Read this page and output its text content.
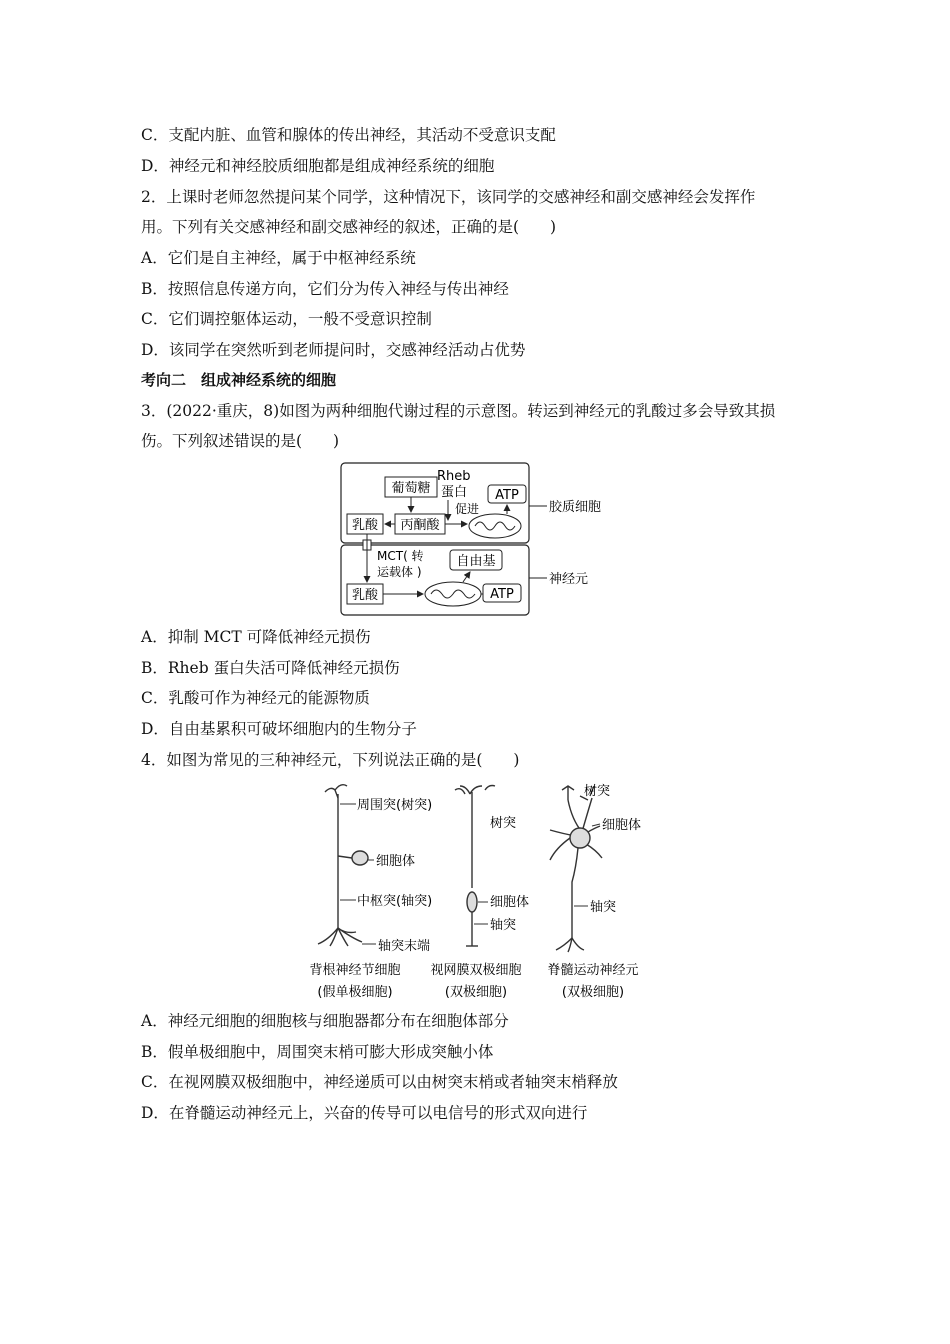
C．支配内脏、血管和腺体的传出神经，其活动不受意识支配
D．神经元和神经胶质细胞都是组成神经系统的细胞
2．上课时老师忽然提问某个同学，这种情况下，该同学的交感神经和副交感神经会发挥作
用。下列有关交感神经和副交感神经的叙述，正确的是(　　)
A．它们是自主神经，属于中枢神经系统
B．按照信息传递方向，它们分为传入神经与传出神经
C．它们调控躯体运动，一般不受意识控制
D．该同学在突然听到老师提问时，交感神经活动占优势
考向二　组成神经系统的细胞
3．(2022·重庆，8)如图为两种细胞代谢过程的示意图。转运到神经元的乳酸过多会导致其损
伤。下列叙述错误的是(　　)
葡萄糖
Rheb
蛋白
促进
ATP
乳酸 丙酮酸
MCT( 转
运载体 )
自由基
乳酸	ATP
胶质细胞
神经元
A．抑制 MCT 可降低神经元损伤
B．Rheb 蛋白失活可降低神经元损伤
C．乳酸可作为神经元的能源物质
D．自由基累积可破坏细胞内的生物分子
4．如图为常见的三种神经元，下列说法正确的是(　　)
周围突(树突)
细胞体
中枢突(轴突)
轴突末端
背根神经节细胞
(假单极细胞)
树突
细胞体
轴突
视网膜双极细胞
(双极细胞)
树突
细胞体
轴突
脊髓运动神经元
(双极细胞)
A．神经元细胞的细胞核与细胞器都分布在细胞体部分
B．假单极细胞中，周围突末梢可膨大形成突触小体
C．在视网膜双极细胞中，神经递质可以由树突末梢或者轴突末梢释放
D．在脊髓运动神经元上，兴奋的传导可以电信号的形式双向进行
